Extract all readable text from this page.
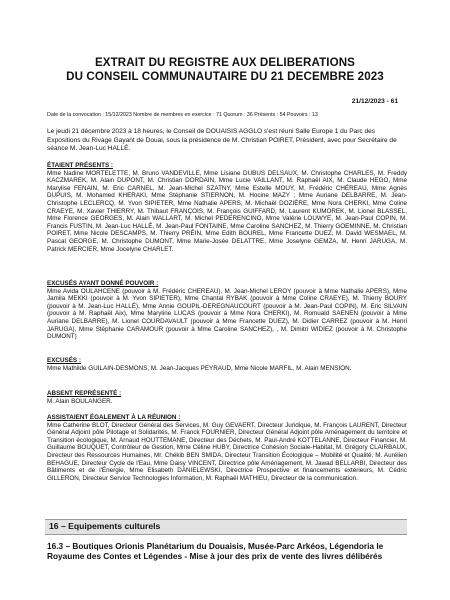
EXTRAIT DU REGISTRE AUX DELIBERATIONS
DU CONSEIL COMMUNAUTAIRE DU 21 DECEMBRE 2023
21/12/2023 - 61
Date de la convocation : 15/12/2023 Nombre de membres en exercice : 71 Quorum : 36 Présents : 54 Pouvoirs : 13
Le jeudi 21 décembre 2023 à 18 heures, le Conseil de DOUAISIS AGGLO s'est réuni Salle Europe 1 du Parc des Expositions du Rivage Gayant de Douai, sous la présidence de M. Christian POIRET, Président, avec pour Secrétaire de séance M. Jean-Luc HALLÉ.
ÉTAIENT PRÉSENTS :
Mme Nadine MORTELETTE, M. Bruno VANDEVILLE, Mme Lisiane DUBUS DELSAUX, M. Christophe CHARLES, M. Freddy KACZMAREK, M. Alain DUPONT, M. Christian DORDAIN, Mme Lucie VAILLANT, M. Raphaël AIX, M. Claude HEGO, Mme Marylise FENAIN, M. Eric CARNEL, M. Jean-Michel SZATNY, Mme Estelle MOUY, M. Frédéric CHÉREAU, Mme Agnès DUPUIS, M. Mohamed KHERAKI, Mme Stéphanie STIERNON, M. Hocine MAZY ; Mme Auriane DELBARRE, M. Jean-Christophe LECLERCQ, M. Yvon SIPIETER, Mme Nathalie APERS, M. Michaël DOZIÈRE, Mme Nora CHERKI, Mme Coline CRAEYE, M. Xavier THIERRY, M. Thibaut FRANÇOIS, M. François GUIFFARD, M. Laurent KUMOREK, M. Lionel BLASSEL, Mme Florence GEORGES, M. Alain WALLART, M. Michel PEDERENCINO, Mme Valérie LOUWYE, M. Jean-Paul COPIN, M. Francis FUSTIN, M. Jean-Luc HALLÉ, M. Jean-Paul FONTAINE, Mme Caroline SANCHEZ, M. Thierry GOEMINNE, M. Christian POIRET, Mme Nicole DESCAMPS, M. Thierry PRÉIN, Mme Edith BOUREL, Mme Francette DUEZ, M. David WESMAEL, M. Pascal GEORGE, M. Christophe DUMONT, Mme Marie-Josée DELATTRE, Mme Joselyne GEMZA, M. Henri JARUGA, M. Patrick MERCIER, Mme Jocelyne CHARLET.
EXCUSÉS AYANT DONNÉ POUVOIR :
Mme Avida OULAHCENE (pouvoir à M. Frédéric CHEREAU), M. Jean-Michel LEROY (pouvoir à Mme Nathalie APERS), Mme Jamila MEKKI (pouvoir à M. Yvon SIPIETER), Mme Chantal RYBAK (pouvoir à Mme Coline CRAEYE), M. Thierry BOURY (pouvoir à M. Jean-Luc HALLÉ), Mme Annie GOUPIL-DEREGNAUCOURT (pouvoir à M. Jean-Paul COPIN), M. Eric SILVAIN (pouvoir à M. Raphaël Aix), Mme Maryline LUCAS (pouvoir à Mme Nora CHERKI), M. Romuald SAENEN (pouvoir à Mme Auriane DELBARRE), M. Lionel COURDAVAULT (pouvoir à Mme Francette DUEZ), M. Didier CARREZ (pouvoir à M. Henri JARUGA), Mme Stéphanie CARAMOUR (pouvoir à Mme Caroline SANCHEZ), , M. Dimitri WIDIEZ (pouvoir à M. Christophe DUMONT)
EXCUSÉS :
Mme Mathilde GUILAIN-DESMONS, M. Jean-Jacques PEYRAUD, Mme Nicole MARFIL, M. Alain MENSION.
ABSENT REPRÉSENTÉ :
M. Alain BOULANGER.
ASSISTAIENT ÉGALEMENT À LA RÉUNION :
Mme Catherine BLOT, Directeur Général des Services, M. Guy GEVAERT, Directeur Juridique, M. François LAURENT, Directeur Général Adjoint pôle Pilotage et Solidarités, M. Franck FOURNIER, Directeur Général Adjoint pôle Aménagement du territoire et Transition écologique, M. Arnaud HOUTTEMANE, Directeur des Déchets, M. Paul-André KOTTELANNE, Directeur Financier, M. Guillaume BOUQUET, Contrôleur de Gestion, Mme Céline HUBY, Directrice Cohésion Sociale-Habitat, M. Grégory CLAIRBAUX, Directeur des Ressources Humaines, Mr. Chékib BEN SMIDA, Directeur Transition Écologique – Mobilité et Qualité, M. Aurélien BEHAGUE, Directeur Cycle de l'Eau, Mme Daisy VINCENT, Directrice pôle Aménagement, M. Jawad BELLARBI, Directeur des Bâtiments et de l'Énergie, Mme Elisabeth DANIELEWSKI, Directrice Prospective et financements extérieurs, M. Cédric GILLERON, Directeur Service Technologies Information, M. Raphaël MATHIEU, Directeur de la communication.
16 – Equipements culturels
16.3 – Boutiques Orionis Planétarium du Douaisis, Musée-Parc Arkéos, Légendoria le Royaume des Contes et Légendes - Mise à jour des prix de vente des livres délibérés
